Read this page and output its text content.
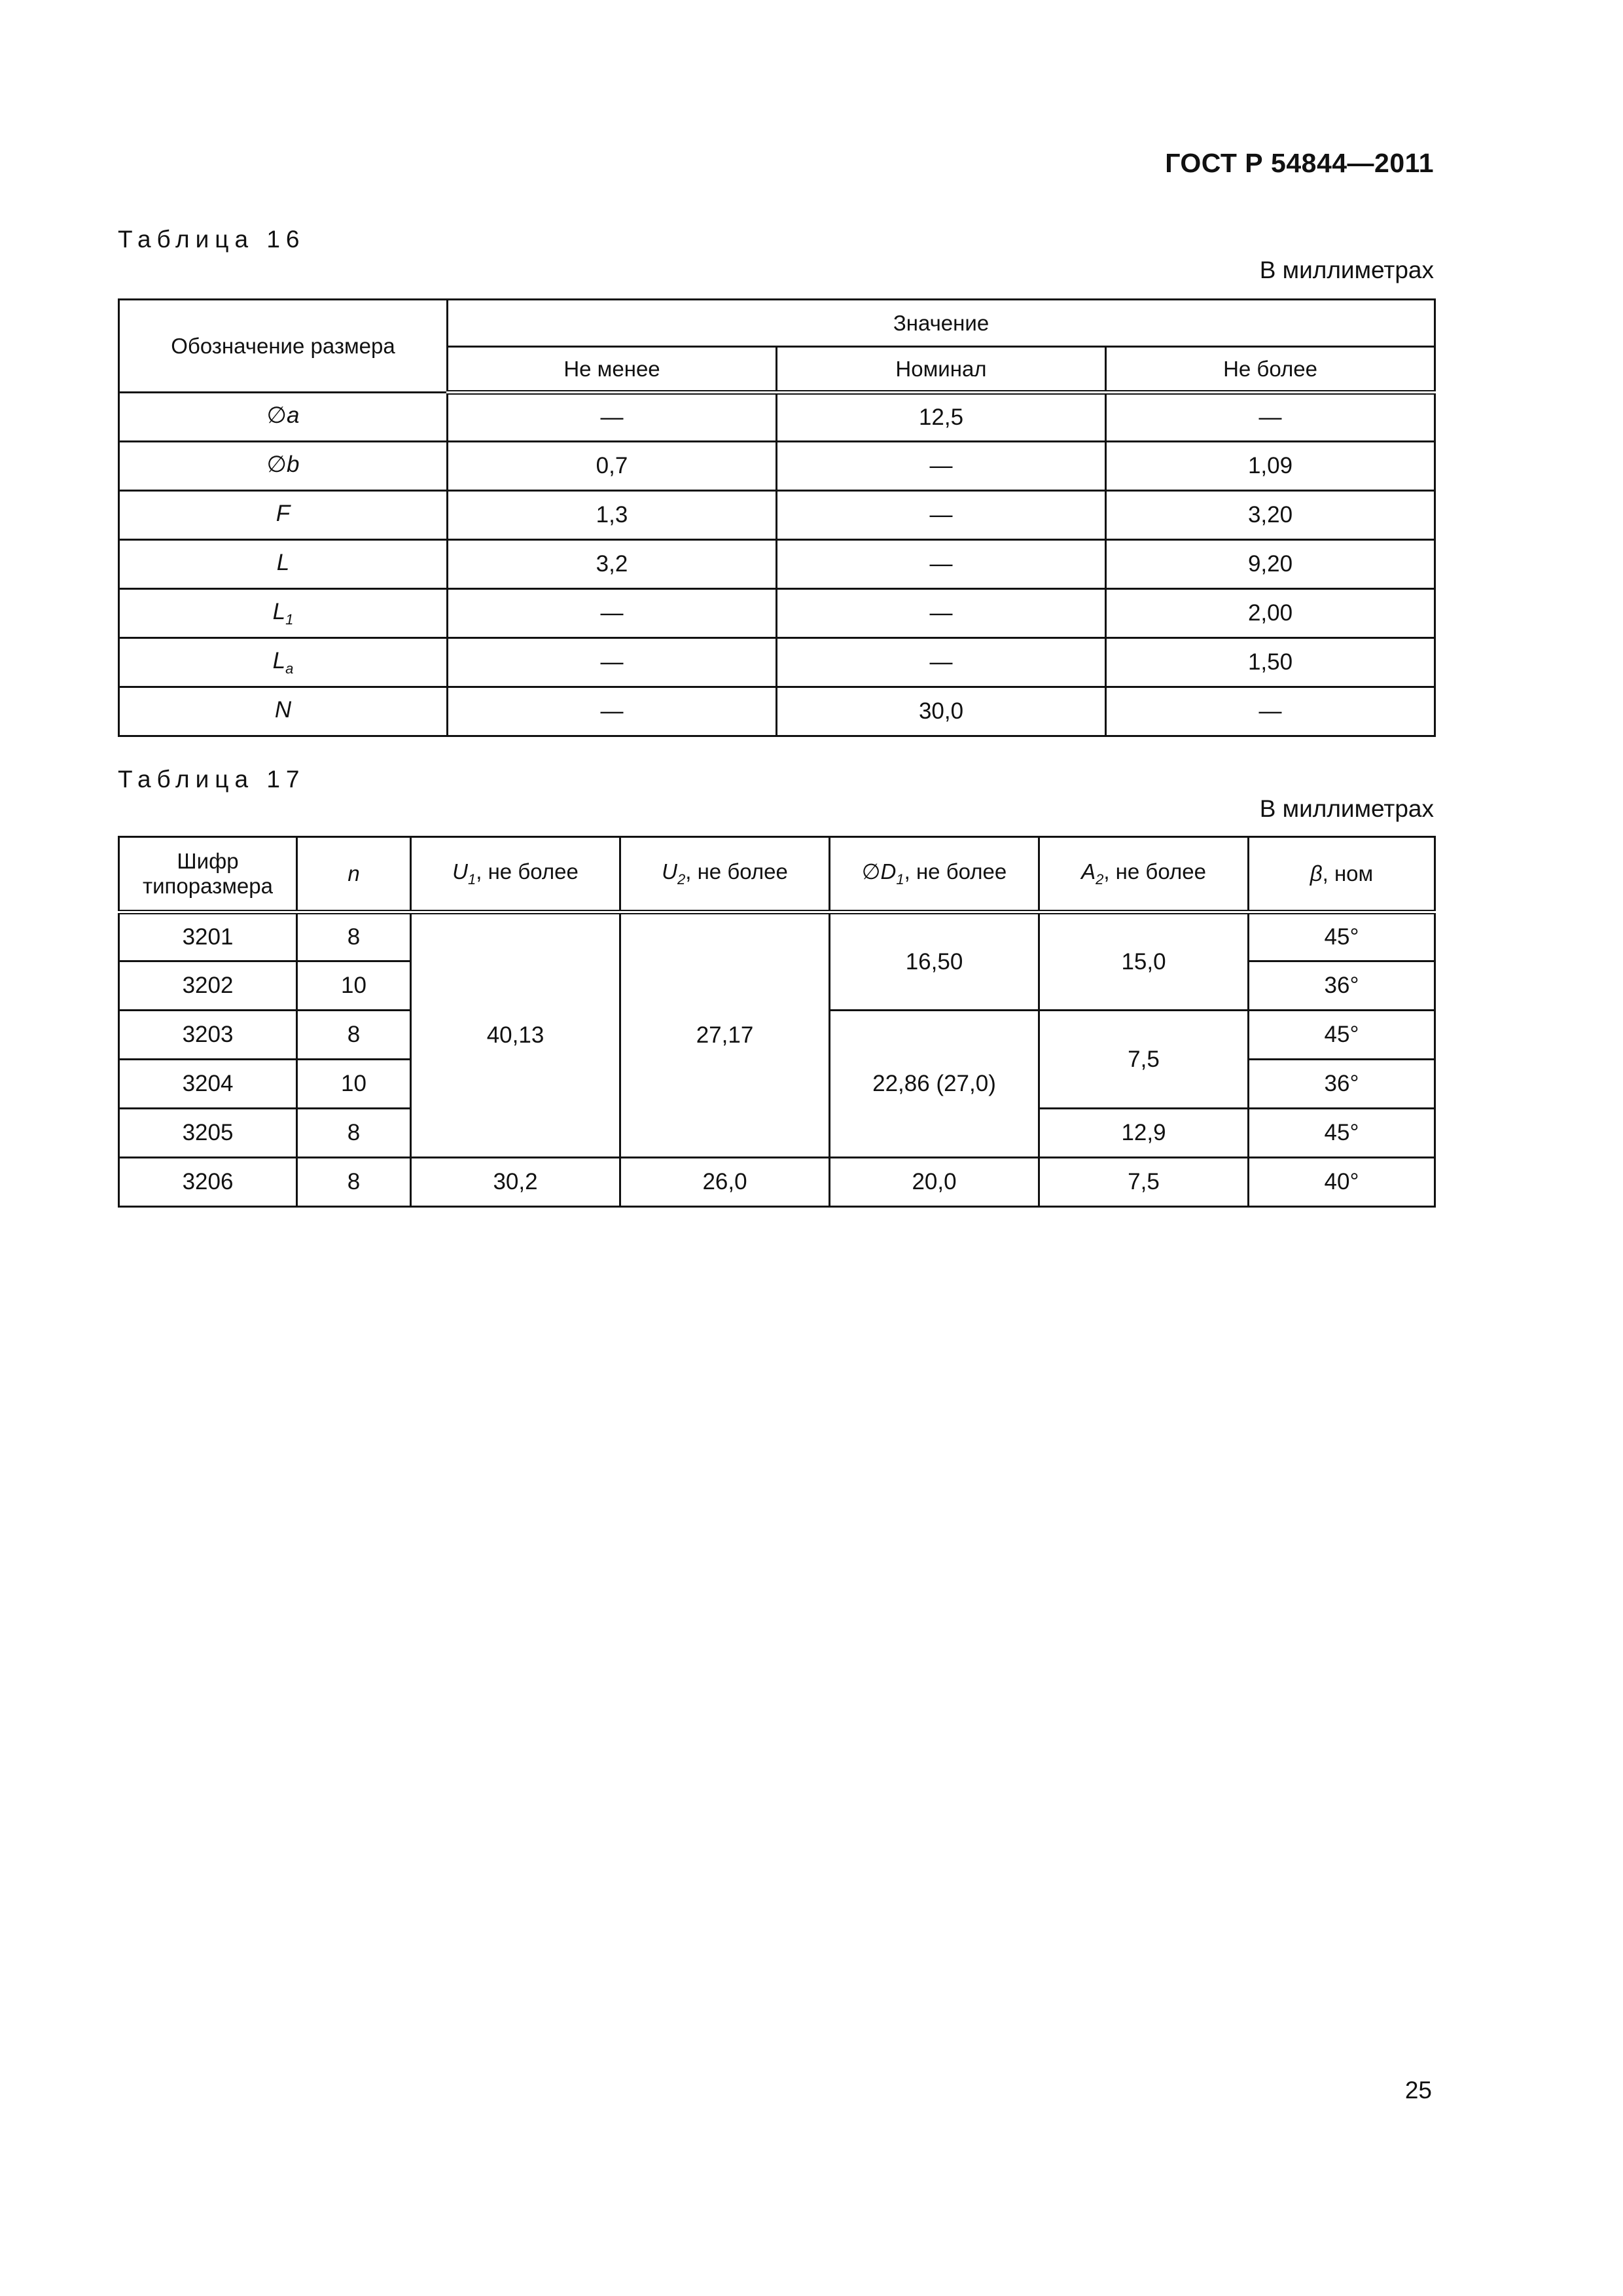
ГОСТ Р 54844—2011
Таблица 16
В миллиметрах
Обозначение размера	Значение		
	Не менее	Номинал	Не более
∅a	—	12,5	—
∅b	0,7	—	1,09
F	1,3	—	3,20
L	3,2	—	9,20
$L_1$	—	—	2,00
$L_a$	—	—	1,50
N	—	30,0	—
Таблица 17
В миллиметрах
Шифр типоразмера	n	$U_1$, не более	$U_2$, не более	$\emptyset D_1$, не более	$A_2$, не более	β, ном
3201	8	40,13	27,17	16,50	15,0	45°
3202	10					36°
3203	8			22,86 (27,0)	7,5	45°
3204	10					36°
3205	8				12,9	45°
3206	8	30,2	26,0	20,0	7,5	40°
25
